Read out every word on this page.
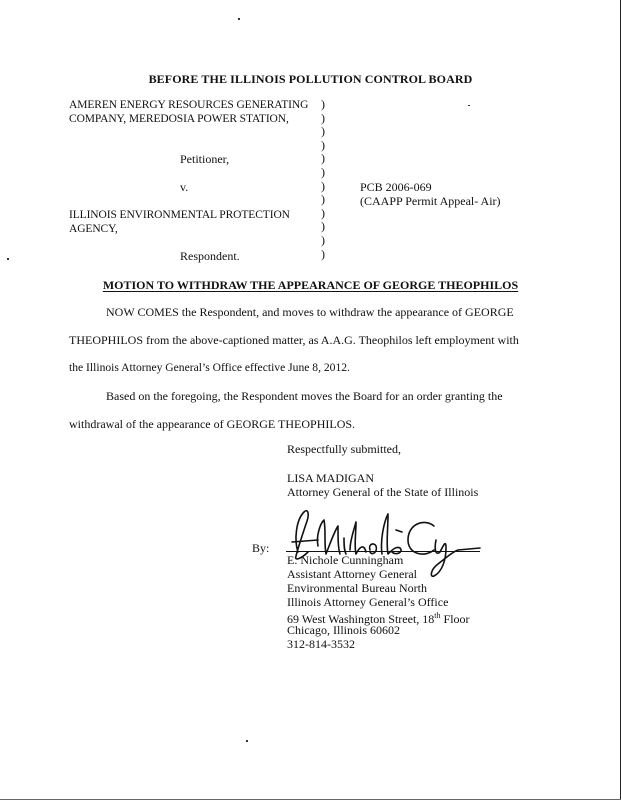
BEFORE THE ILLINOIS POLLUTION CONTROL BOARD
AMEREN ENERGY RESOURCES GENERATING
COMPANY, MEREDOSIA POWER STATION,
Petitioner,
v.
ILLINOIS ENVIRONMENTAL PROTECTION
AGENCY,
Respondent.
)
)
)
)
)
)
)
)
)
)
)
)
PCB 2006-069
(CAAPP Permit Appeal- Air)
MOTION TO WITHDRAW THE APPEARANCE OF GEORGE THEOPHILOS
NOW COMES the Respondent, and moves to withdraw the appearance of GEORGE
THEOPHILOS from the above-captioned matter, as A.A.G. Theophilos left employment with
the Illinois Attorney General’s Office effective June 8, 2012.
Based on the foregoing, the Respondent moves the Board for an order granting the
withdrawal of the appearance of GEORGE THEOPHILOS.
Respectfully submitted,
LISA MADIGAN
Attorney General of the State of Illinois
By:
E. Nichole Cunningham
Assistant Attorney General
Environmental Bureau North
Illinois Attorney General’s Office
69 West Washington Street, 18th Floor
Chicago, Illinois 60602
312-814-3532
